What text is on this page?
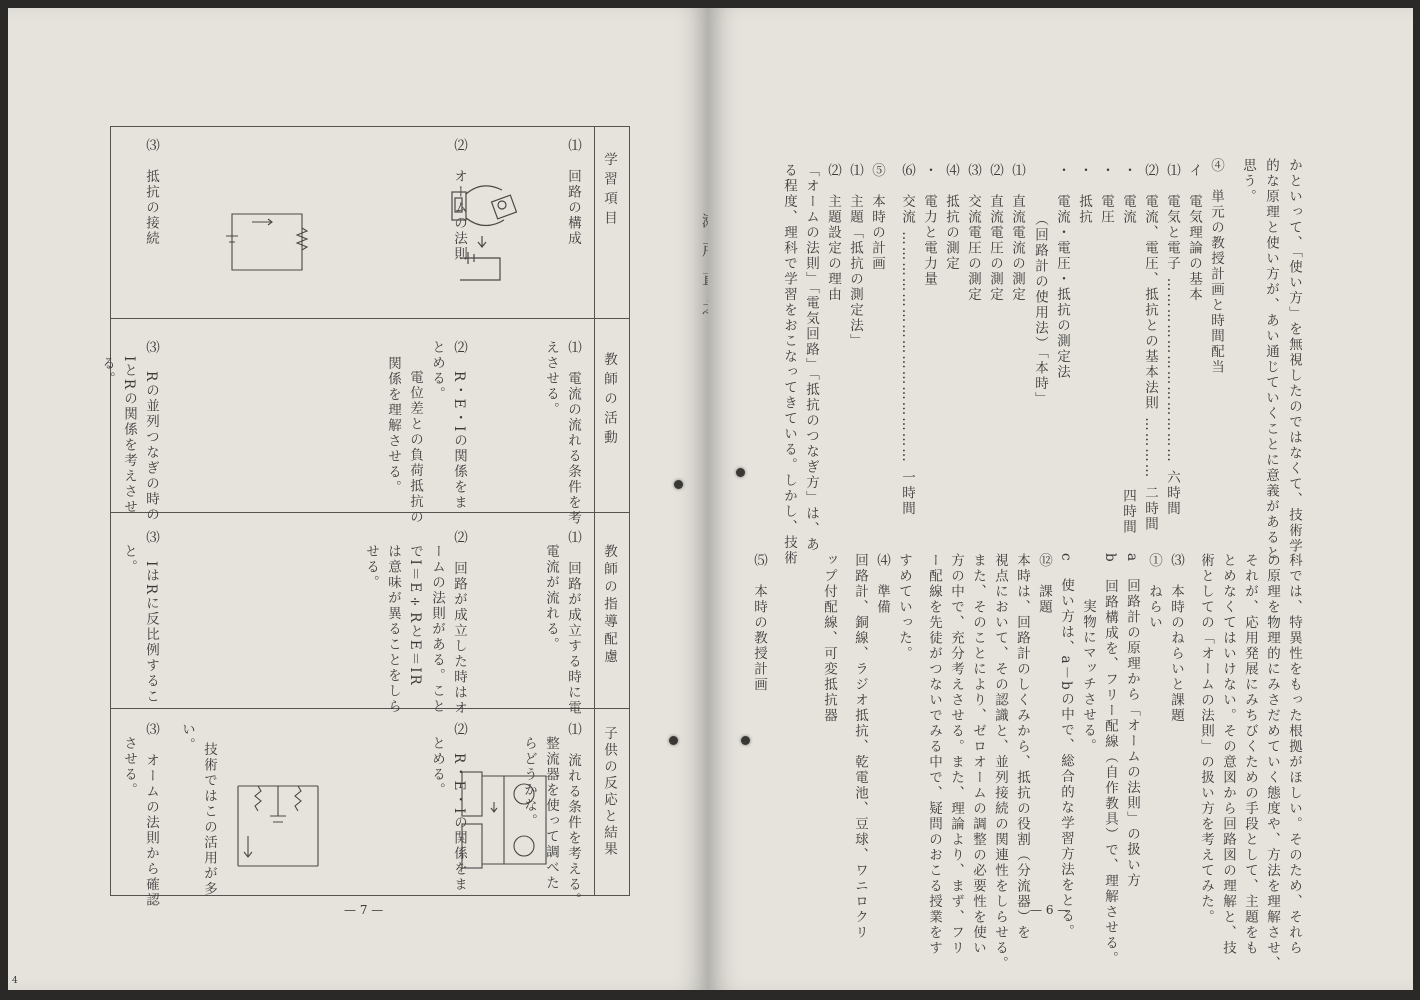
学習項目
教師の活動
教師の指導配慮
子供の反応と結果
⑴　回路の構成
⑴　電流の流れる条件を考
えさせる。
⑴　回路が成立する時に電
電流が流れる。
⑴　流れる条件を考える。
整流器を使って調べた
らどうかな。
⑵　オームの法則
⑵　R・E・Iの関係をま
とめる。
電位差との負荷抵抗の
関係を理解させる。
⑵　回路が成立した時はオ
ームの法則がある。こと
でI＝E÷RとE＝IR
は意味が異ることをしら
せる。
⑵　R・E・Iの関係をま
とめる。
⑶　抵抗の接続
⑶　Rの並列つなぎの時の
IとRの関係を考えさせ
る。
⑶　IはRに反比例するこ
と。
技術ではこの活用が多
い。
⑶　オームの法則から確認
させる。
— 7 —
4
かといって、「使い方」を無視したのではなくて、技術学
的な原理と使い方が、あい通じていくことに意義があると
思う。
④　単元の教授計画と時間配当
イ　電気理論の基本
⑴　電気と電子 ……………………………… 六時間
⑵　電流、電圧、抵抗との基本法則 ………… 二時間
・　電流　　　　　　　　　　　　　　　　　四時間
・　電圧
・　抵抗
・　電流・電圧・抵抗の測定法
　　（回路計の使用法）「本時」
⑴　直流電流の測定
⑵　直流電圧の測定
⑶　交流電圧の測定
⑷　抵抗の測定
・　電力と電力量
⑹　交流 ……………………………………… 一時間
⑤　本時の計画
⑴　主題「抵抗の測定法」
⑵　主題設定の理由
「オームの法則」「電気回路」「抵抗のつなぎ方」は、あ
る程度、理科で学習をおこなってきている。しかし、技術
科では、特異性をもった根拠がほしい。そのため、それら
の原理を物理的にみさだめていく態度や、方法を理解させ、
それが、応用発展にみちびくための手段として、主題をも
とめなくてはいけない。その意図から回路図の理解と、技
術としての「オームの法則」の扱い方を考えてみた。
⑶　本時のねらいと課題
①　ねらい
a　回路計の原理から「オームの法則」の扱い方
b　回路構成を、フリー配線（自作教具）で、理解させる。
　　実物にマッチさせる。
c　使い方は、a－bの中で、総合的な学習方法をとる。
⑫　課題
本時は、回路計のしくみから、抵抗の役割（分流器）を
視点において、その認識と、並列接続の関連性をしらせる。
また、そのことにより、ゼロオームの調整の必要性を使い
方の中で、充分考えさせる。また、理論より、まず、フリ
ー配線を先徒がつないでみる中で、疑問のおこる授業をす
すめていった。
⑷　準備
回路計、銅線、ラジオ抵抗、乾電池、豆球、ワニロクリ
ップ付配線、可変抵抗器
⑸　本時の教授計画
— 6 —
